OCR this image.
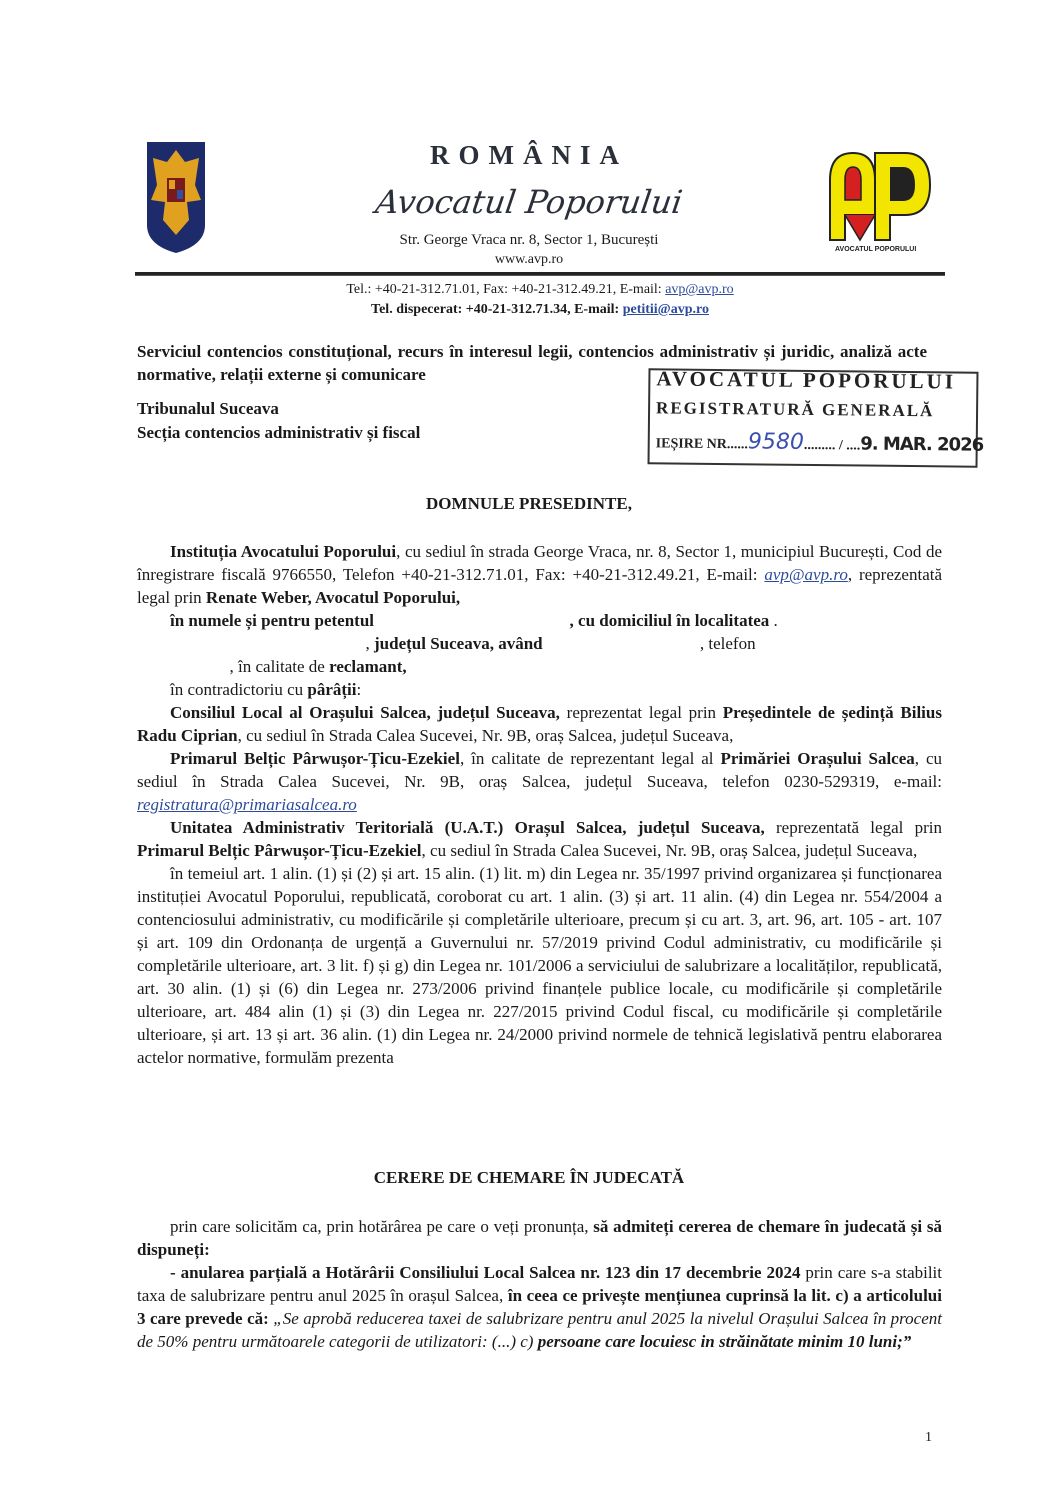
ROMÂNIA
Avocatul Poporului
Str. George Vraca nr. 8, Sector 1, București
www.avp.ro
AVOCATUL POPORULUI
Tel.: +40-21-312.71.01, Fax: +40-21-312.49.21, E-mail: avp@avp.ro
Tel. dispecerat: +40-21-312.71.34, E-mail: petitii@avp.ro
Serviciul contencios constituțional, recurs în interesul legii, contencios administrativ și juridic, analiză acte normative, relații externe și comunicare
Tribunalul Suceava
Secția contencios administrativ și fiscal
AVOCATUL POPORULUI
REGISTRATURĂ GENERALĂ
IEȘIRE NR......9580......... / ....9. MAR. 2026
DOMNULE PRESEDINTE,

Instituția Avocatului Poporului, cu sediul în strada George Vraca, nr. 8, Sector 1, municipiul București, Cod de înregistrare fiscală 9766550, Telefon +40-21-312.71.01, Fax: +40-21-312.49.21, E-mail: avp@avp.ro, reprezentată legal prin Renate Weber, Avocatul Poporului,

în numele și pentru petentul	, cu domiciliul în localitatea .

, județul Suceava, având                                     , telefon

, în calitate de reclamant,

în contradictoriu cu pârâții:

Consiliul Local al Orașului Salcea, județul Suceava, reprezentat legal prin Președintele de ședință Bilius Radu Ciprian, cu sediul în Strada Calea Sucevei, Nr. 9B, oraș Salcea, județul Suceava,

Primarul Belțic Pârwușor-Țicu-Ezekiel, în calitate de reprezentant legal al Primăriei Orașului Salcea, cu sediul în Strada Calea Sucevei, Nr. 9B, oraș Salcea, județul Suceava, telefon 0230-529319, e-mail: registratura@primariasalcea.ro

Unitatea Administrativ Teritorială (U.A.T.) Orașul Salcea, județul Suceava, reprezentată legal prin Primarul Belțic Pârwușor-Țicu-Ezekiel, cu sediul în Strada Calea Sucevei, Nr. 9B, oraș Salcea, județul Suceava,

în temeiul art. 1 alin. (1) și (2) și art. 15 alin. (1) lit. m) din Legea nr. 35/1997 privind organizarea și funcționarea instituției Avocatul Poporului, republicată, coroborat cu art. 1 alin. (3) și art. 11 alin. (4) din Legea nr. 554/2004 a contenciosului administrativ, cu modificările și completările ulterioare, precum și cu art. 3, art. 96, art. 105 - art. 107 și art. 109 din Ordonanța de urgență a Guvernului nr. 57/2019 privind Codul administrativ, cu modificările și completările ulterioare, art. 3 lit. f) și g) din Legea nr. 101/2006 a serviciului de salubrizare a localităților, republicată, art. 30 alin. (1) și (6) din Legea nr. 273/2006 privind finanțele publice locale, cu modificările și completările ulterioare, art. 484 alin (1) și (3) din Legea nr. 227/2015 privind Codul fiscal, cu modificările și completările ulterioare, și art. 13 și art. 36 alin. (1) din Legea nr. 24/2000 privind normele de tehnică legislativă pentru elaborarea actelor normative, formulăm prezenta

CERERE DE CHEMARE ÎN JUDECATĂ

prin care solicităm ca, prin hotărârea pe care o veți pronunța, să admiteți cererea de chemare în judecată și să dispuneți:

- anularea parțială a Hotărârii Consiliului Local Salcea nr. 123 din 17 decembrie 2024 prin care s-a stabilit taxa de salubrizare pentru anul 2025 în orașul Salcea, în ceea ce privește mențiunea cuprinsă la lit. c) a articolului 3 care prevede că: „Se aprobă reducerea taxei de salubrizare pentru anul 2025 la nivelul Orașului Salcea în procent de 50% pentru următoarele categorii de utilizatori: (...) c) persoane care locuiesc in străinătate minim 10 luni;”

1
